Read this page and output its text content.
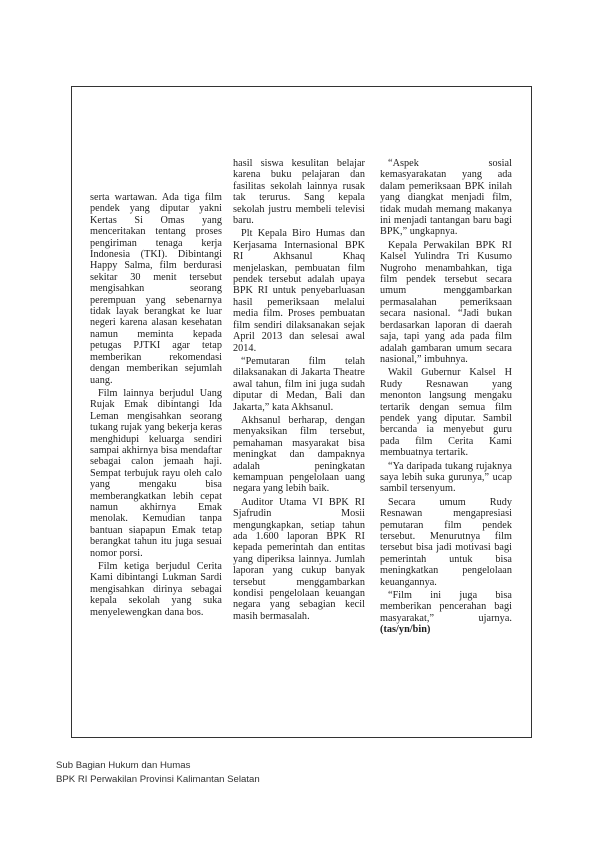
serta wartawan. Ada tiga film pendek yang diputar yakni Kertas Si Omas yang menceritakan tentang proses pengiriman tenaga kerja Indonesia (TKI). Dibintangi Happy Salma, film berdurasi sekitar 30 menit tersebut mengisahkan seorang perempuan yang sebenarnya tidak layak berangkat ke luar negeri karena alasan kesehatan namun meminta kepada petugas PJTKI agar tetap memberikan rekomendasi dengan memberikan sejumlah uang.

Film lainnya berjudul Uang Rujak Emak dibintangi Ida Leman mengisahkan seorang tukang rujak yang bekerja keras menghidupi keluarga sendiri sampai akhirnya bisa mendaftar sebagai calon jemaah haji. Sempat terbujuk rayu oleh calo yang mengaku bisa memberangkatkan lebih cepat namun akhirnya Emak menolak. Kemudian tanpa bantuan siapapun Emak tetap berangkat tahun itu juga sesuai nomor porsi.

Film ketiga berjudul Cerita Kami dibintangi Lukman Sardi mengisahkan dirinya sebagai kepala sekolah yang suka menyelewengkan dana bos.

hasil siswa kesulitan belajar karena buku pelajaran dan fasilitas sekolah lainnya rusak tak terurus. Sang kepala sekolah justru membeli televisi baru.

Plt Kepala Biro Humas dan Kerjasama Internasional BPK RI Akhsanul Khaq menjelaskan, pembuatan film pendek tersebut adalah upaya BPK RI untuk penyebarluasan hasil pemeriksaan melalui media film. Proses pembuatan film sendiri dilaksanakan sejak April 2013 dan selesai awal 2014.

“Pemutaran film telah dilaksanakan di Jakarta Theatre awal tahun, film ini juga sudah diputar di Medan, Bali dan Jakarta,” kata Akhsanul.

Akhsanul berharap, dengan menyaksikan film tersebut, pemahaman masyarakat bisa meningkat dan dampaknya adalah peningkatan kemampuan pengelolaan uang negara yang lebih baik.

Auditor Utama VI BPK RI Sjafrudin Mosii mengungkapkan, setiap tahun ada 1.600 laporan BPK RI kepada pemerintah dan entitas yang diperiksa lainnya. Jumlah laporan yang cukup banyak tersebut menggambarkan kondisi pengelolaan keuangan negara yang sebagian kecil masih bermasalah.

“Aspek sosial kemasyarakatan yang ada dalam pemeriksaan BPK inilah yang diangkat menjadi film, tidak mudah memang makanya ini menjadi tantangan baru bagi BPK,” ungkapnya.

Kepala Perwakilan BPK RI Kalsel Yulindra Tri Kusumo Nugroho menambahkan, tiga film pendek tersebut secara umum menggambarkan permasalahan pemeriksaan secara nasional. “Jadi bukan berdasarkan laporan di daerah saja, tapi yang ada pada film adalah gambaran umum secara nasional,” imbuhnya.

Wakil Gubernur Kalsel H Rudy Resnawan yang menonton langsung mengaku tertarik dengan semua film pendek yang diputar. Sambil bercanda ia menyebut guru pada film Cerita Kami membuatnya tertarik.

“Ya daripada tukang rujaknya saya lebih suka gurunya,” ucap sambil tersenyum.

Secara umum Rudy Resnawan mengapresiasi pemutaran film pendek tersebut. Menurutnya film tersebut bisa jadi motivasi bagi pemerintah untuk bisa meningkatkan pengelolaan keuangannya.

“Film ini juga bisa memberikan pencerahan bagi masyarakat,” ujarnya. (tas/yn/bin)

Sub Bagian Hukum dan Humas
BPK RI Perwakilan Provinsi Kalimantan Selatan
